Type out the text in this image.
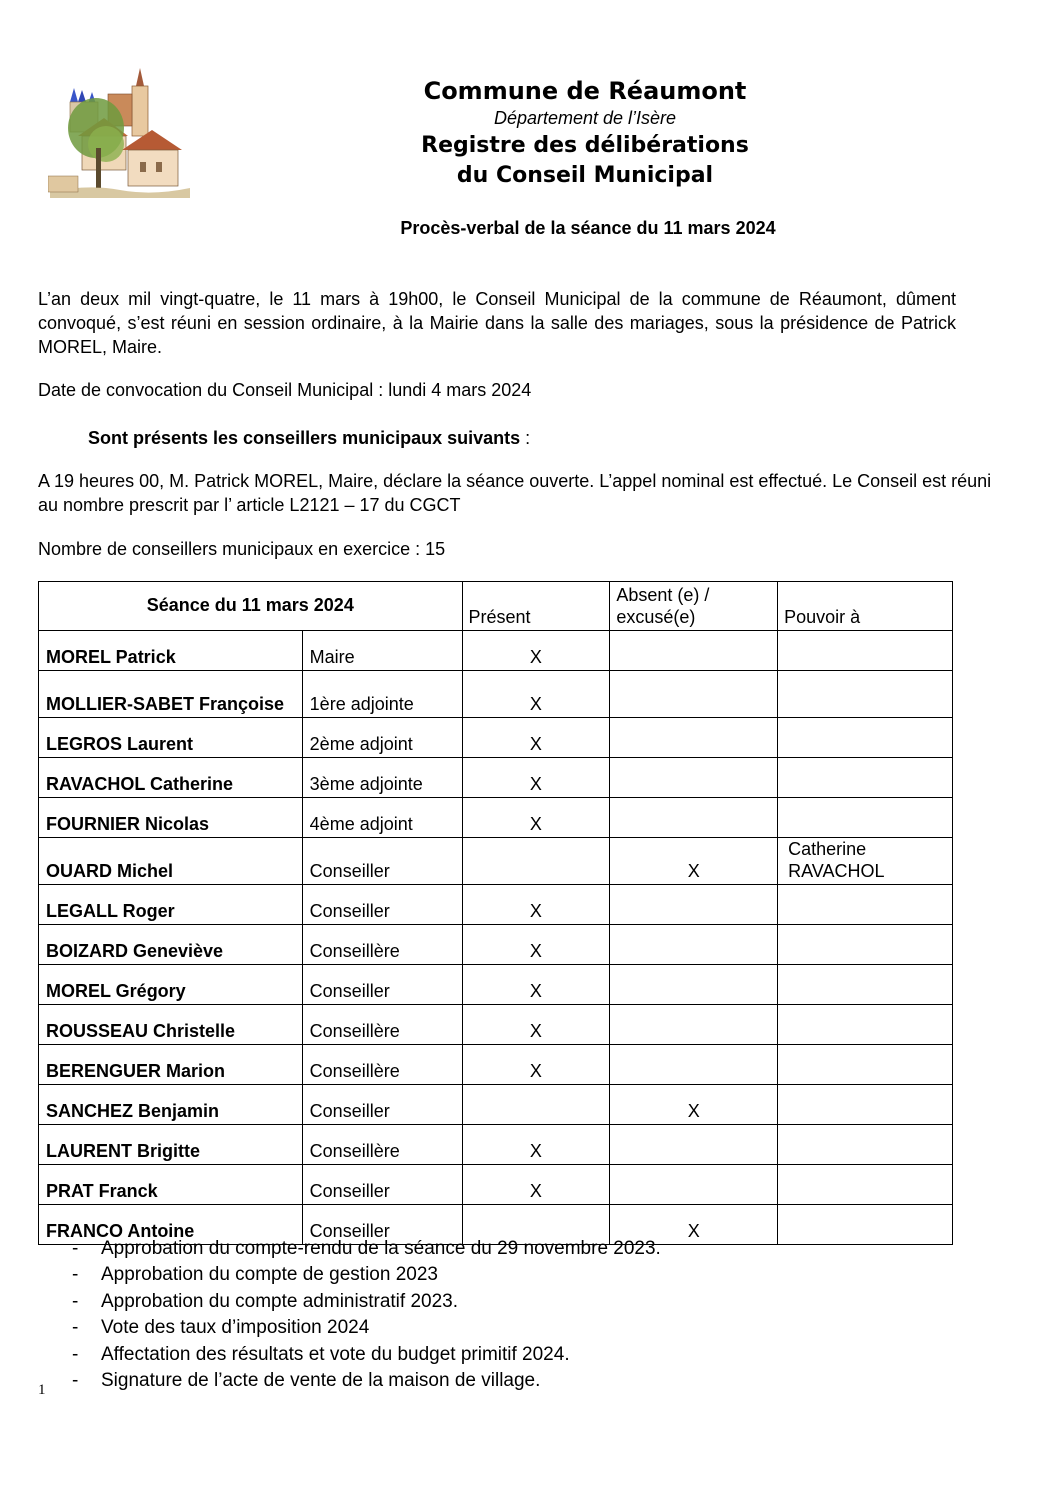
Commune de Réaumont
Département de l’Isère
Registre des délibérations
du Conseil Municipal
Procès-verbal de la séance du 11 mars 2024
L’an deux mil vingt-quatre, le 11 mars à 19h00, le Conseil Municipal de la commune de Réaumont, dûment convoqué, s’est réuni en session ordinaire, à la Mairie dans la salle des mariages, sous la présidence de Patrick MOREL, Maire.
Date de convocation du Conseil Municipal : lundi 4 mars 2024
Sont présents les conseillers municipaux suivants :
A 19 heures 00, M. Patrick MOREL, Maire, déclare la séance ouverte. L’appel nominal est effectué. Le Conseil est réuni au nombre prescrit par l’ article L2121 – 17 du CGCT
Nombre de conseillers municipaux en exercice : 15
Séance du 11 mars 2024		Présent	Absent (e) /
excusé(e)	Pouvoir à
MOREL Patrick	Maire	X		
MOLLIER-SABET Françoise	1ère adjointe	X		
LEGROS Laurent	2ème adjoint	X		
RAVACHOL Catherine	3ème adjointe	X		
FOURNIER Nicolas	4ème adjoint	X		
OUARD Michel	Conseiller		X	Catherine RAVACHOL
LEGALL Roger	Conseiller	X		
BOIZARD Geneviève	Conseillère	X		
MOREL Grégory	Conseiller	X		
ROUSSEAU Christelle	Conseillère	X		
BERENGUER Marion	Conseillère	X		
SANCHEZ Benjamin	Conseiller		X	
LAURENT Brigitte	Conseillère	X		
PRAT Franck	Conseiller	X		
FRANCO Antoine	Conseiller		X	
- Approbation du compte-rendu de la séance du 29 novembre 2023.
- Approbation du compte de gestion 2023
- Approbation du compte administratif 2023.
- Vote des taux d’imposition 2024
- Affectation des résultats et vote du budget primitif 2024.
- Signature de l’acte de vente de la maison de village.
1
